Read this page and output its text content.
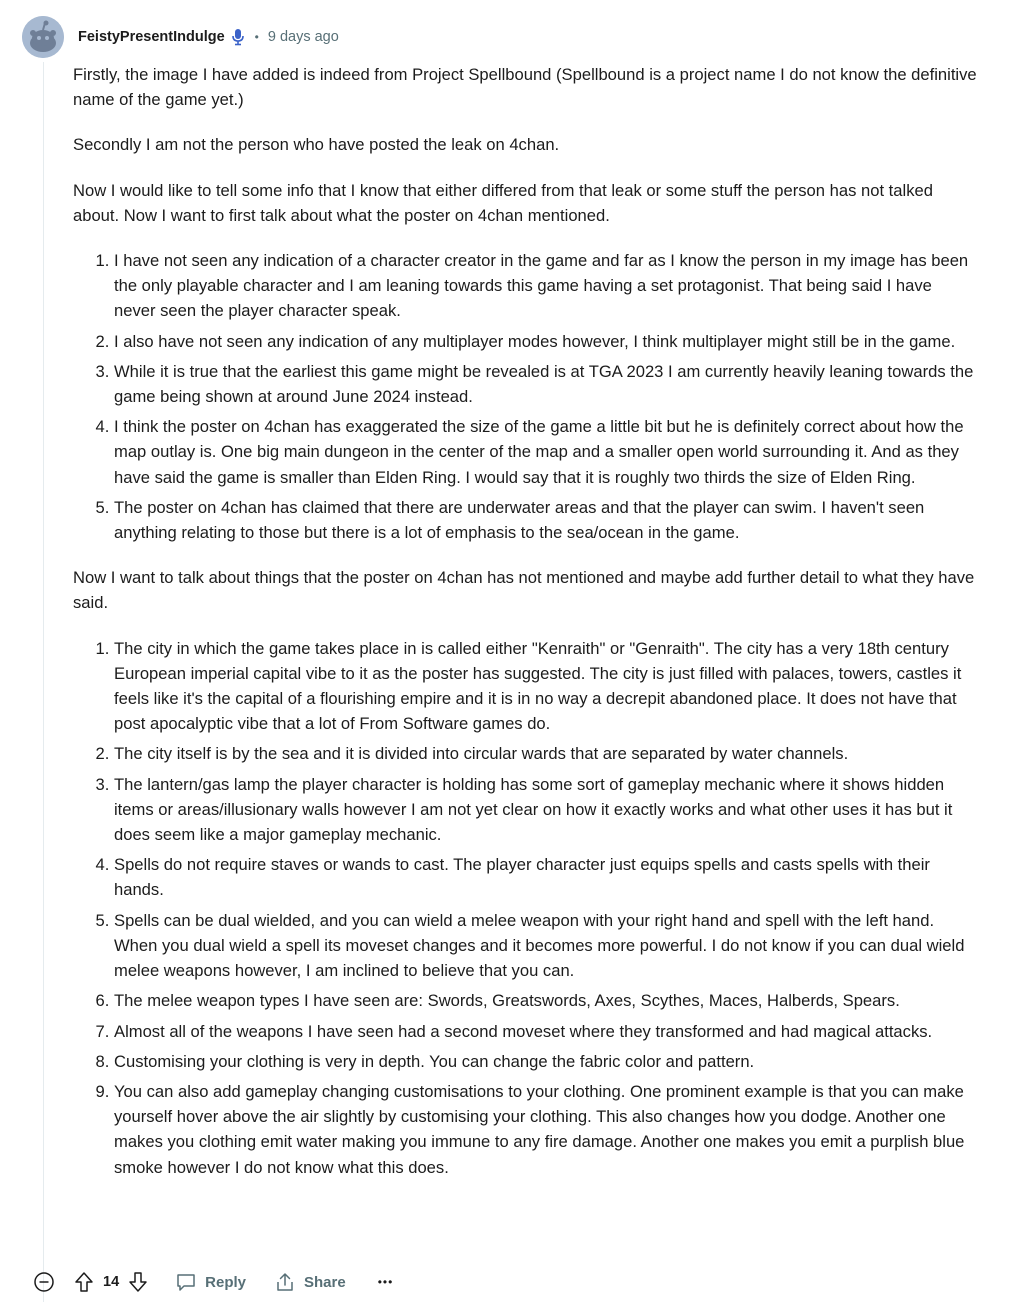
FeistyPresentIndulge	• 9 days ago

Firstly, the image I have added is indeed from Project Spellbound (Spellbound is a project name I do not know the definitive name of the game yet.)

Secondly I am not the person who have posted the leak on 4chan.

Now I would like to tell some info that I know that either differed from that leak or some stuff the person has not talked about. Now I want to first talk about what the poster on 4chan mentioned.

1. I have not seen any indication of a character creator in the game and far as I know the person in my image has been the only playable character and I am leaning towards this game having a set protagonist. That being said I have never seen the player character speak.
2. I also have not seen any indication of any multiplayer modes however, I think multiplayer might still be in the game.
3. While it is true that the earliest this game might be revealed is at TGA 2023 I am currently heavily leaning towards the game being shown at around June 2024 instead.
4. I think the poster on 4chan has exaggerated the size of the game a little bit but he is definitely correct about how the map outlay is. One big main dungeon in the center of the map and a smaller open world surrounding it. And as they have said the game is smaller than Elden Ring. I would say that it is roughly two thirds the size of Elden Ring.
5. The poster on 4chan has claimed that there are underwater areas and that the player can swim. I haven't seen anything relating to those but there is a lot of emphasis to the sea/ocean in the game.

Now I want to talk about things that the poster on 4chan has not mentioned and maybe add further detail to what they have said.

1. The city in which the game takes place in is called either "Kenraith" or "Genraith". The city has a very 18th century European imperial capital vibe to it as the poster has suggested. The city is just filled with palaces, towers, castles it feels like it's the capital of a flourishing empire and it is in no way a decrepit abandoned place. It does not have that post apocalyptic vibe that a lot of From Software games do.
2. The city itself is by the sea and it is divided into circular wards that are separated by water channels.
3. The lantern/gas lamp the player character is holding has some sort of gameplay mechanic where it shows hidden items or areas/illusionary walls however I am not yet clear on how it exactly works and what other uses it has but it does seem like a major gameplay mechanic.
4. Spells do not require staves or wands to cast. The player character just equips spells and casts spells with their hands.
5. Spells can be dual wielded, and you can wield a melee weapon with your right hand and spell with the left hand. When you dual wield a spell its moveset changes and it becomes more powerful. I do not know if you can dual wield melee weapons however, I am inclined to believe that you can.
6. The melee weapon types I have seen are: Swords, Greatswords, Axes, Scythes, Maces, Halberds, Spears.
7. Almost all of the weapons I have seen had a second moveset where they transformed and had magical attacks.
8. Customising your clothing is very in depth. You can change the fabric color and pattern.
9. You can also add gameplay changing customisations to your clothing. One prominent example is that you can make yourself hover above the air slightly by customising your clothing. This also changes how you dodge. Another one makes you clothing emit water making you immune to any fire damage. Another one makes you emit a purplish blue smoke however I do not know what this does.
14	Reply	Share	•••
